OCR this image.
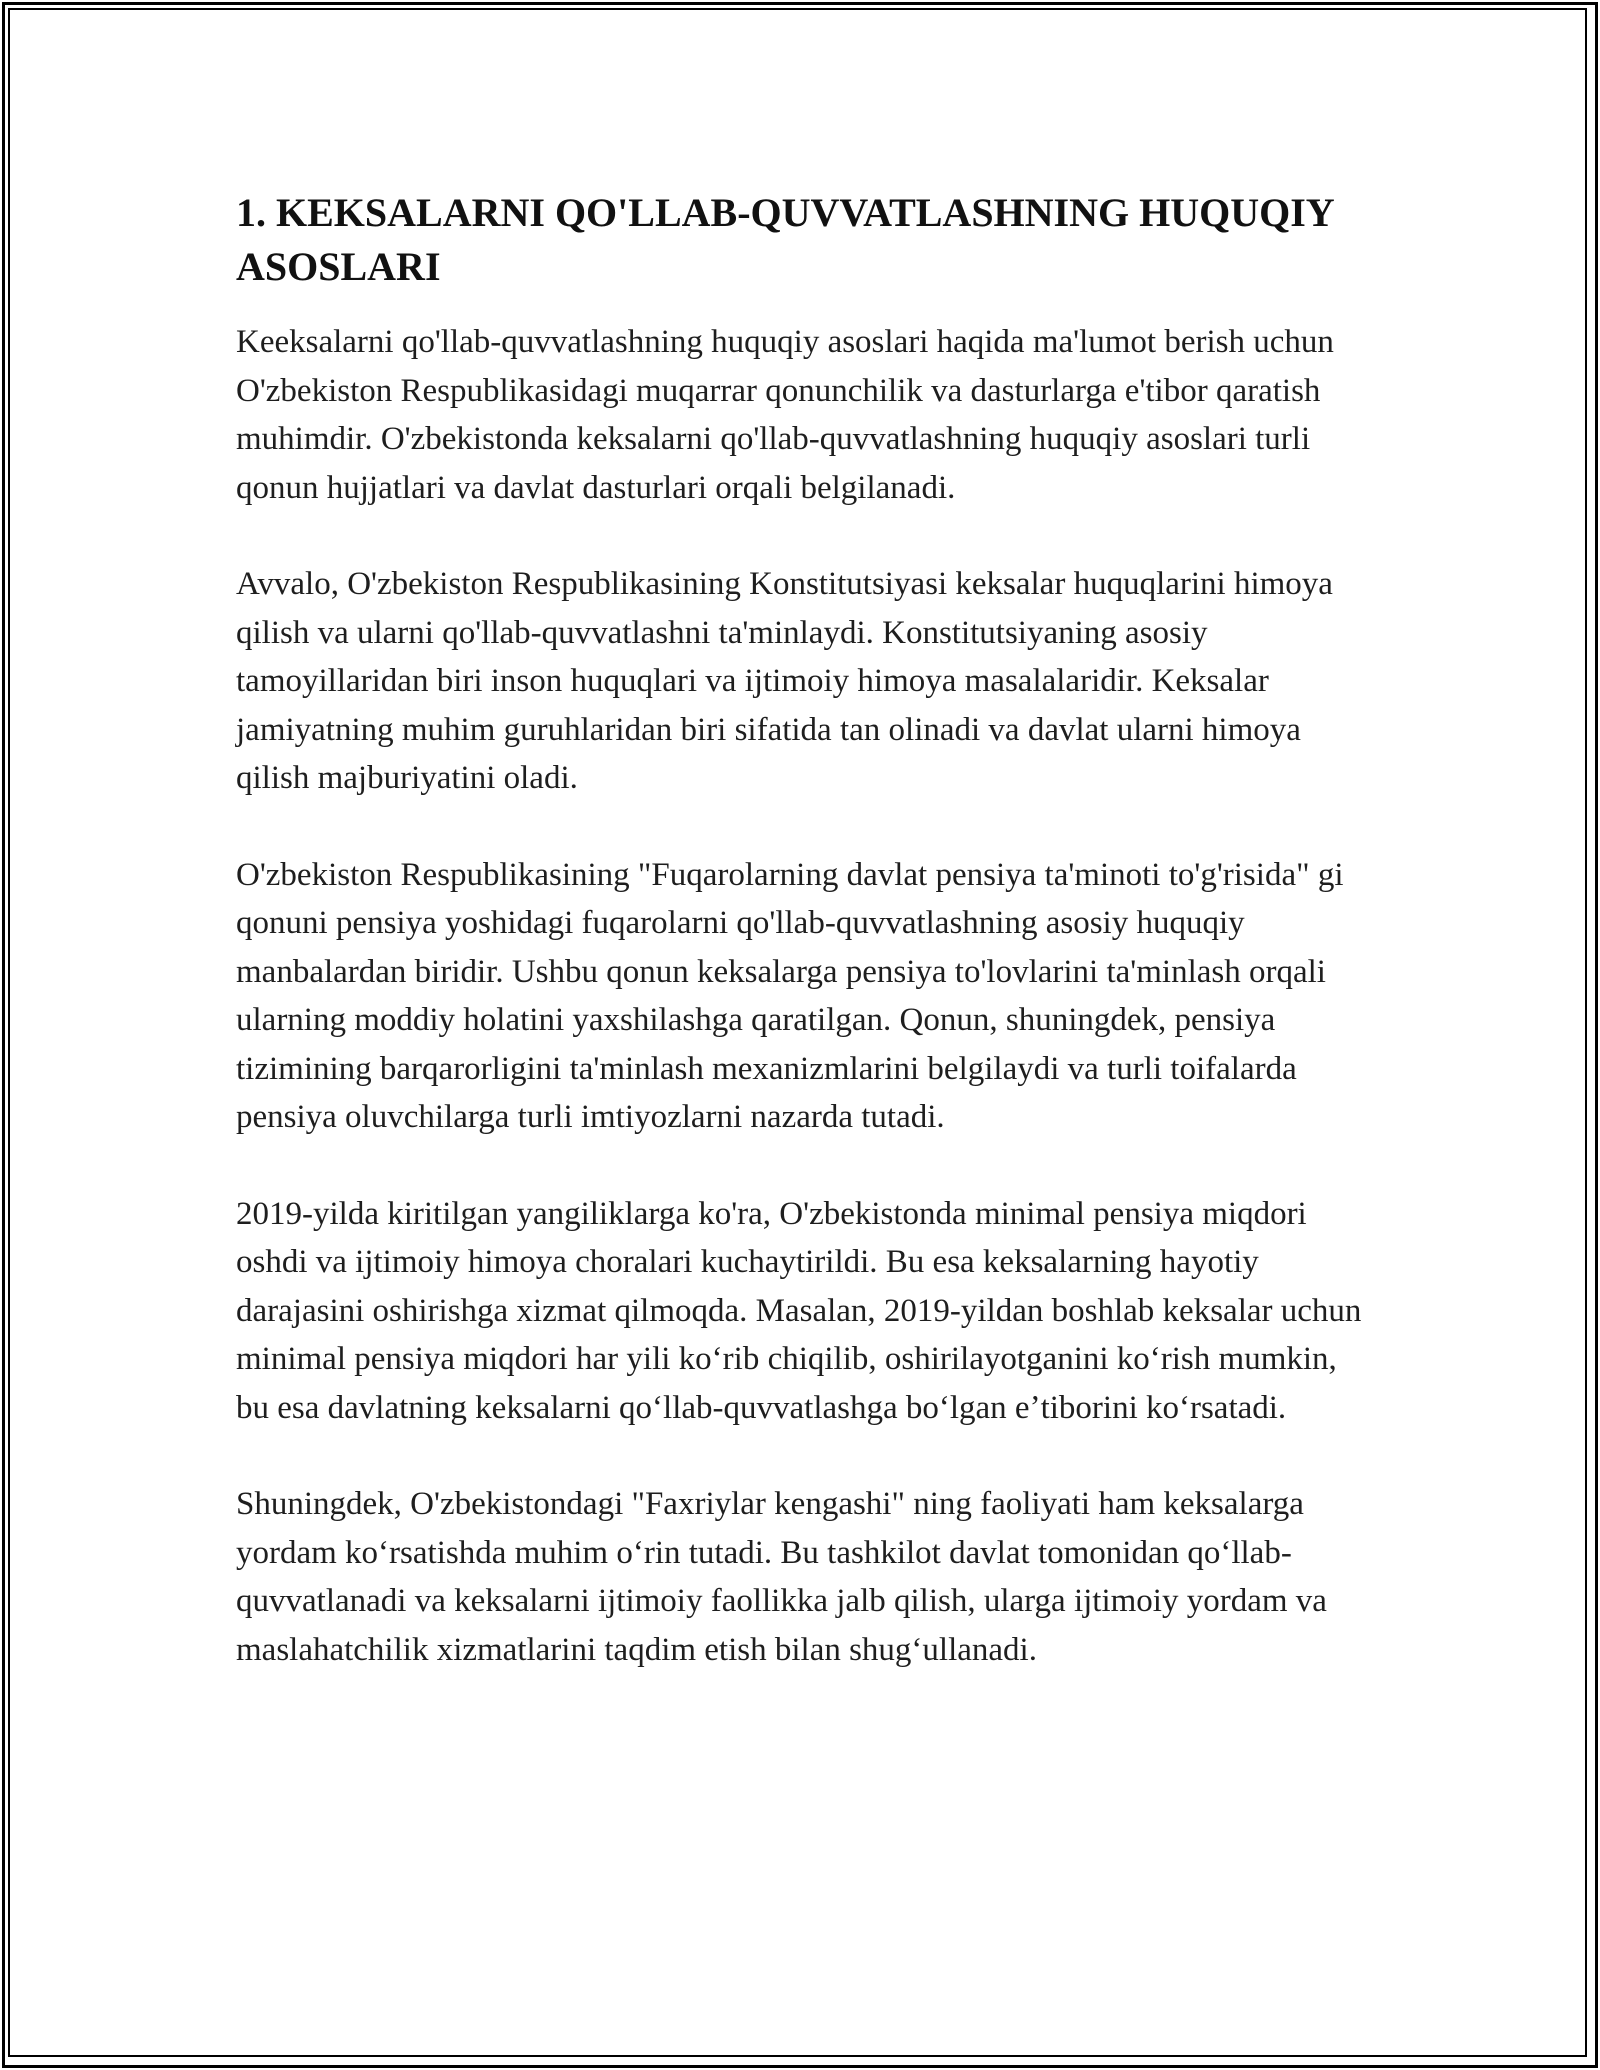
1. KEKSALARNI QO'LLAB-QUVVATLASHNING HUQUQIY ASOSLARI

Keeksalarni qo'llab-quvvatlashning huquqiy asoslari haqida ma'lumot berish uchun O'zbekiston Respublikasidagi muqarrar qonunchilik va dasturlarga e'tibor qaratish muhimdir. O'zbekistonda keksalarni qo'llab-quvvatlashning huquqiy asoslari turli qonun hujjatlari va davlat dasturlari orqali belgilanadi.

Avvalo, O'zbekiston Respublikasining Konstitutsiyasi keksalar huquqlarini himoya qilish va ularni qo'llab-quvvatlashni ta'minlaydi. Konstitutsiyaning asosiy tamoyillaridan biri inson huquqlari va ijtimoiy himoya masalalaridir. Keksalar jamiyatning muhim guruhlaridan biri sifatida tan olinadi va davlat ularni himoya qilish majburiyatini oladi.

O'zbekiston Respublikasining "Fuqarolarning davlat pensiya ta'minoti to'g'risida" gi qonuni pensiya yoshidagi fuqarolarni qo'llab-quvvatlashning asosiy huquqiy manbalardan biridir. Ushbu qonun keksalarga pensiya to'lovlarini ta'minlash orqali ularning moddiy holatini yaxshilashga qaratilgan. Qonun, shuningdek, pensiya tizimining barqarorligini ta'minlash mexanizmlarini belgilaydi va turli toifalarda pensiya oluvchilarga turli imtiyozlarni nazarda tutadi.

2019-yilda kiritilgan yangiliklarga ko'ra, O'zbekistonda minimal pensiya miqdori oshdi va ijtimoiy himoya choralari kuchaytirildi. Bu esa keksalarning hayotiy darajasini oshirishga xizmat qilmoqda. Masalan, 2019-yildan boshlab keksalar uchun minimal pensiya miqdori har yili koʻrib chiqilib, oshirilayotganini koʻrish mumkin, bu esa davlatning keksalarni qoʻllab-quvvatlashga boʻlgan eʼtiborini koʻrsatadi.

Shuningdek, O'zbekistondagi "Faxriylar kengashi" ning faoliyati ham keksalarga yordam koʻrsatishda muhim oʻrin tutadi. Bu tashkilot davlat tomonidan qoʻllab-quvvatlanadi va keksalarni ijtimoiy faollikka jalb qilish, ularga ijtimoiy yordam va maslahatchilik xizmatlarini taqdim etish bilan shugʻullanadi.
